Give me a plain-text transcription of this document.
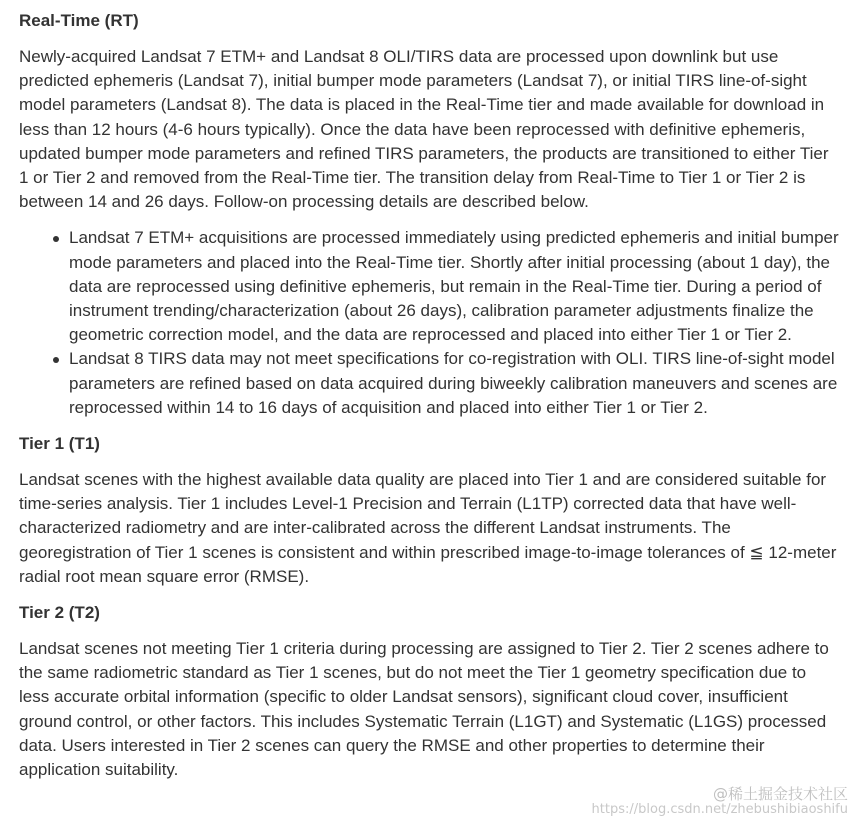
Real-Time (RT)

Newly-acquired Landsat 7 ETM+ and Landsat 8 OLI/TIRS data are processed upon downlink but use predicted ephemeris (Landsat 7), initial bumper mode parameters (Landsat 7), or initial TIRS line-of-sight model parameters (Landsat 8). The data is placed in the Real-Time tier and made available for download in less than 12 hours (4-6 hours typically). Once the data have been reprocessed with definitive ephemeris, updated bumper mode parameters and refined TIRS parameters, the products are transitioned to either Tier 1 or Tier 2 and removed from the Real-Time tier. The transition delay from Real-Time to Tier 1 or Tier 2 is between 14 and 26 days. Follow-on processing details are described below.

Landsat 7 ETM+ acquisitions are processed immediately using predicted ephemeris and initial bumper mode parameters and placed into the Real-Time tier. Shortly after initial processing (about 1 day), the data are reprocessed using definitive ephemeris, but remain in the Real-Time tier. During a period of instrument trending/characterization (about 26 days), calibration parameter adjustments finalize the geometric correction model, and the data are reprocessed and placed into either Tier 1 or Tier 2.
Landsat 8 TIRS data may not meet specifications for co-registration with OLI. TIRS line-of-sight model parameters are refined based on data acquired during biweekly calibration maneuvers and scenes are reprocessed within 14 to 16 days of acquisition and placed into either Tier 1 or Tier 2.
Tier 1 (T1)

Landsat scenes with the highest available data quality are placed into Tier 1 and are considered suitable for time-series analysis. Tier 1 includes Level-1 Precision and Terrain (L1TP) corrected data that have well-characterized radiometry and are inter-calibrated across the different Landsat instruments. The georegistration of Tier 1 scenes is consistent and within prescribed image-to-image tolerances of ≦ 12-meter radial root mean square error (RMSE).

Tier 2 (T2)

Landsat scenes not meeting Tier 1 criteria during processing are assigned to Tier 2. Tier 2 scenes adhere to the same radiometric standard as Tier 1 scenes, but do not meet the Tier 1 geometry specification due to less accurate orbital information (specific to older Landsat sensors), significant cloud cover, insufficient ground control, or other factors. This includes Systematic Terrain (L1GT) and Systematic (L1GS) processed data. Users interested in Tier 2 scenes can query the RMSE and other properties to determine their application suitability.

@稀土掘金技术社区
https://blog.csdn.net/zhebushibiaoshifu
